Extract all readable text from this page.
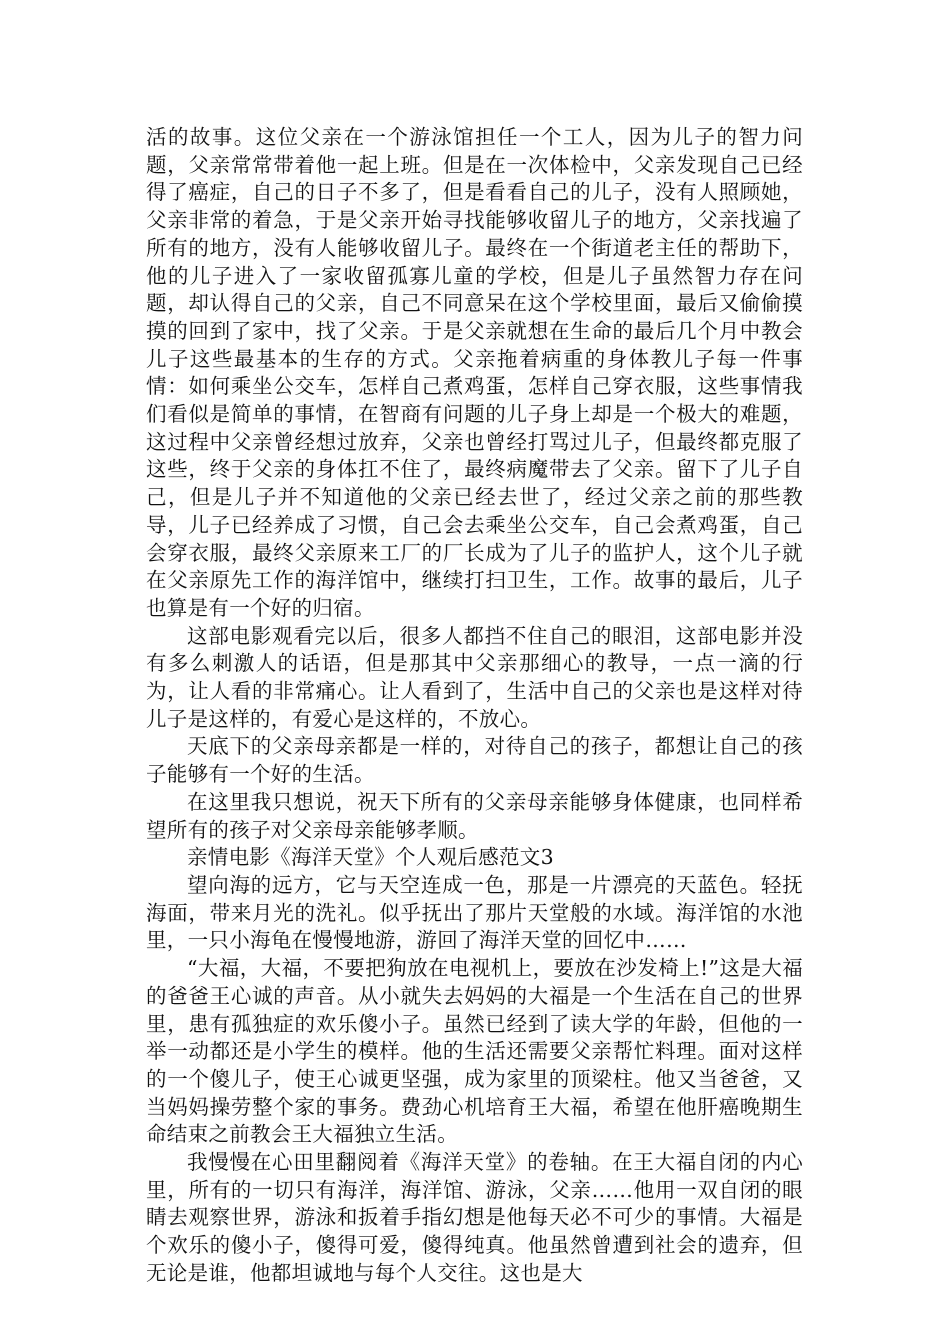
活的故事。这位父亲在一个游泳馆担任一个工人，因为儿子的智力问题，父亲常常带着他一起上班。但是在一次体检中，父亲发现自己已经得了癌症，自己的日子不多了，但是看看自己的儿子，没有人照顾她，父亲非常的着急，于是父亲开始寻找能够收留儿子的地方，父亲找遍了所有的地方，没有人能够收留儿子。最终在一个街道老主任的帮助下，他的儿子进入了一家收留孤寡儿童的学校，但是儿子虽然智力存在问题，却认得自己的父亲，自己不同意呆在这个学校里面，最后又偷偷摸摸的回到了家中，找了父亲。于是父亲就想在生命的最后几个月中教会儿子这些最基本的生存的方式。父亲拖着病重的身体教儿子每一件事情：如何乘坐公交车，怎样自己煮鸡蛋，怎样自己穿衣服，这些事情我们看似是简单的事情，在智商有问题的儿子身上却是一个极大的难题，这过程中父亲曾经想过放弃，父亲也曾经打骂过儿子，但最终都克服了这些，终于父亲的身体扛不住了，最终病魔带去了父亲。留下了儿子自己，但是儿子并不知道他的父亲已经去世了，经过父亲之前的那些教导，儿子已经养成了习惯，自己会去乘坐公交车，自己会煮鸡蛋，自己会穿衣服，最终父亲原来工厂的厂长成为了儿子的监护人，这个儿子就在父亲原先工作的海洋馆中，继续打扫卫生，工作。故事的最后，儿子也算是有一个好的归宿。

这部电影观看完以后，很多人都挡不住自己的眼泪，这部电影并没有多么刺激人的话语，但是那其中父亲那细心的教导，一点一滴的行为，让人看的非常痛心。让人看到了，生活中自己的父亲也是这样对待儿子是这样的，有爱心是这样的，不放心。

天底下的父亲母亲都是一样的，对待自己的孩子，都想让自己的孩子能够有一个好的生活。

在这里我只想说，祝天下所有的父亲母亲能够身体健康，也同样希望所有的孩子对父亲母亲能够孝顺。

亲情电影《海洋天堂》个人观后感范文3

望向海的远方，它与天空连成一色，那是一片漂亮的天蓝色。轻抚海面，带来月光的洗礼。似乎抚出了那片天堂般的水域。海洋馆的水池里，一只小海龟在慢慢地游，游回了海洋天堂的回忆中……

“大福，大福，不要把狗放在电视机上，要放在沙发椅上!”这是大福的爸爸王心诚的声音。从小就失去妈妈的大福是一个生活在自己的世界里，患有孤独症的欢乐傻小子。虽然已经到了读大学的年龄，但他的一举一动都还是小学生的模样。他的生活还需要父亲帮忙料理。面对这样的一个傻儿子，使王心诚更坚强，成为家里的顶梁柱。他又当爸爸，又当妈妈操劳整个家的事务。费劲心机培育王大福，希望在他肝癌晚期生命结束之前教会王大福独立生活。

我慢慢在心田里翻阅着《海洋天堂》的卷轴。在王大福自闭的内心里，所有的一切只有海洋，海洋馆、游泳，父亲……他用一双自闭的眼睛去观察世界，游泳和扳着手指幻想是他每天必不可少的事情。大福是个欢乐的傻小子，傻得可爱，傻得纯真。他虽然曾遭到社会的遗弃，但无论是谁，他都坦诚地与每个人交往。这也是大
